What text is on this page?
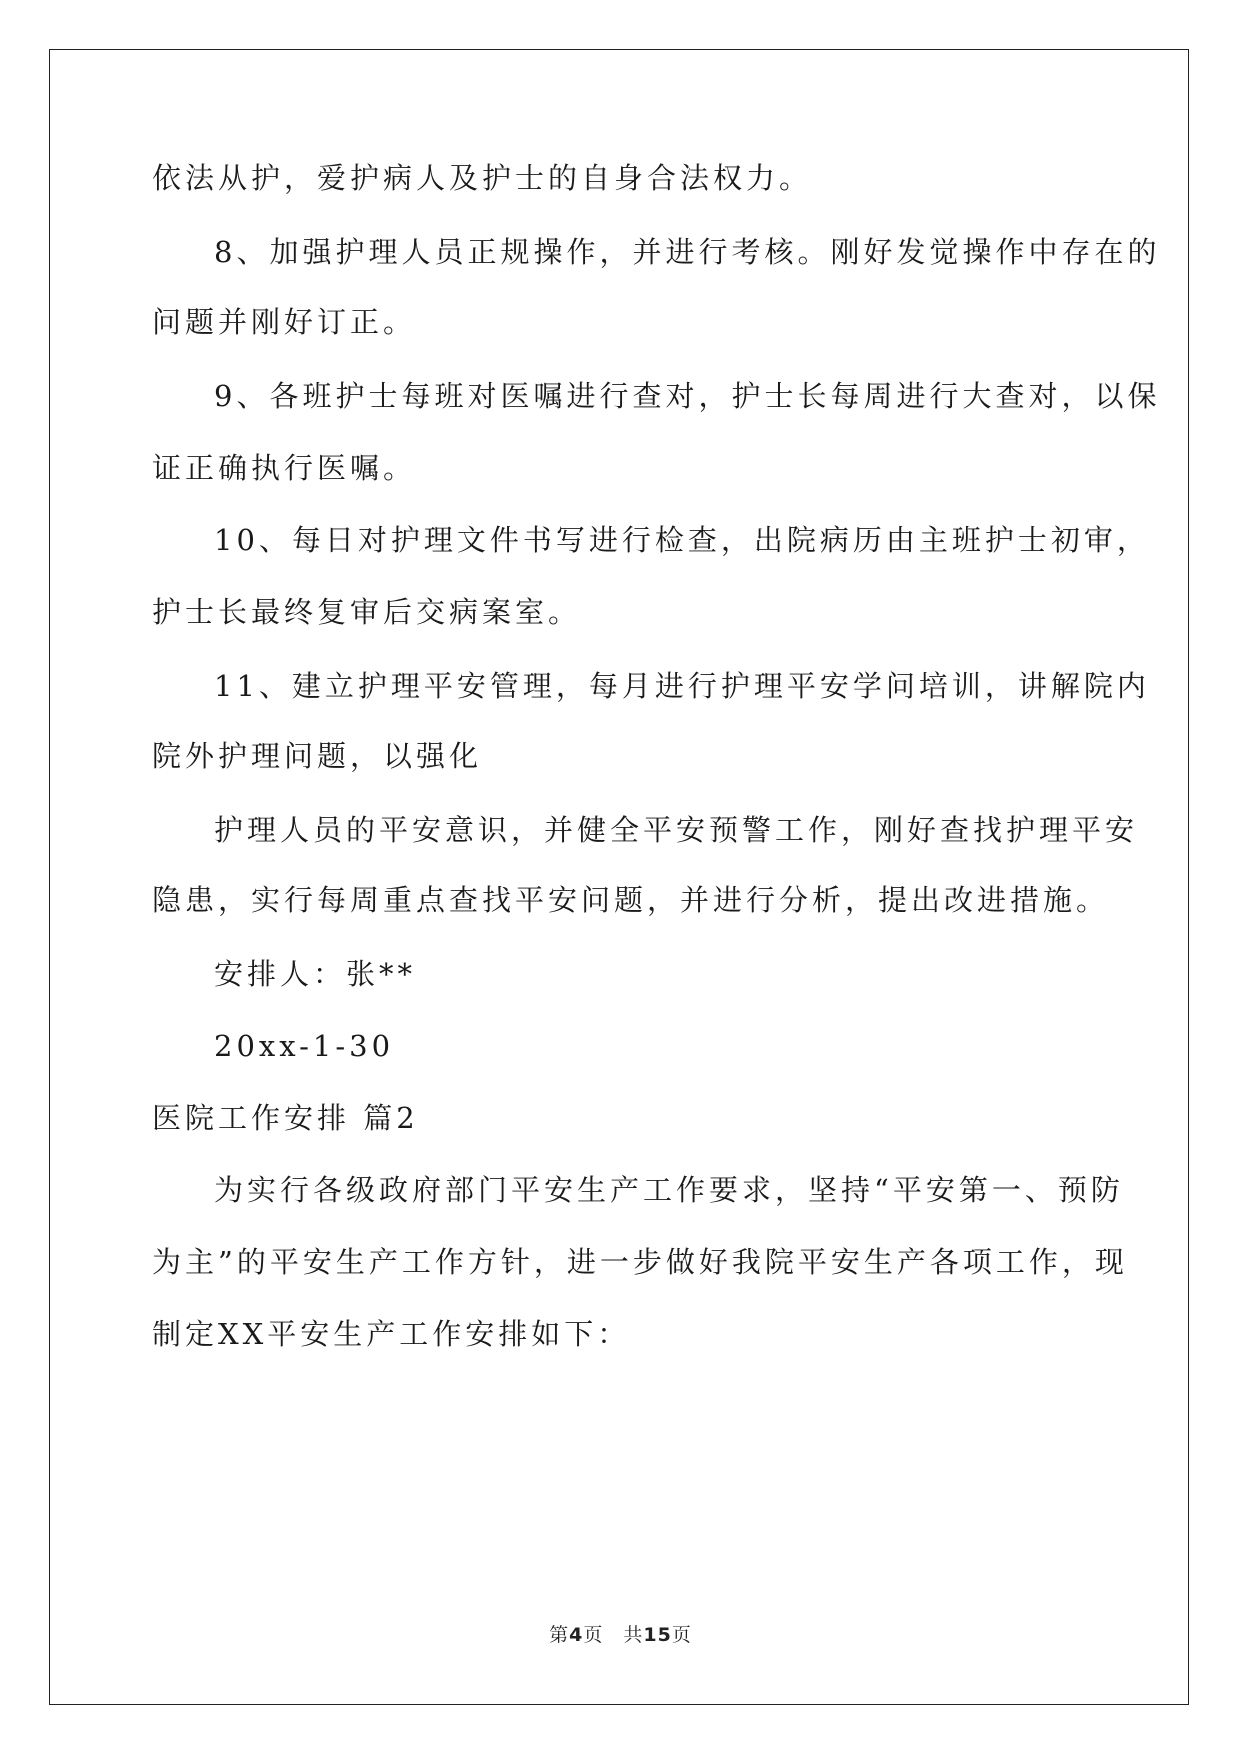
依法从护，爱护病人及护士的自身合法权力。
8、加强护理人员正规操作，并进行考核。刚好发觉操作中存在的
问题并刚好订正。
9、各班护士每班对医嘱进行查对，护士长每周进行大查对，以保
证正确执行医嘱。
10、每日对护理文件书写进行检查，出院病历由主班护士初审，
护士长最终复审后交病案室。
11、建立护理平安管理，每月进行护理平安学问培训，讲解院内
院外护理问题，以强化
护理人员的平安意识，并健全平安预警工作，刚好查找护理平安
隐患，实行每周重点查找平安问题，并进行分析，提出改进措施。
安排人：张**
20xx-1-30
医院工作安排 篇2
为实行各级政府部门平安生产工作要求，坚持“平安第一、预防
为主”的平安生产工作方针，进一步做好我院平安生产各项工作，现
制定XX平安生产工作安排如下：
第4页　共15页
